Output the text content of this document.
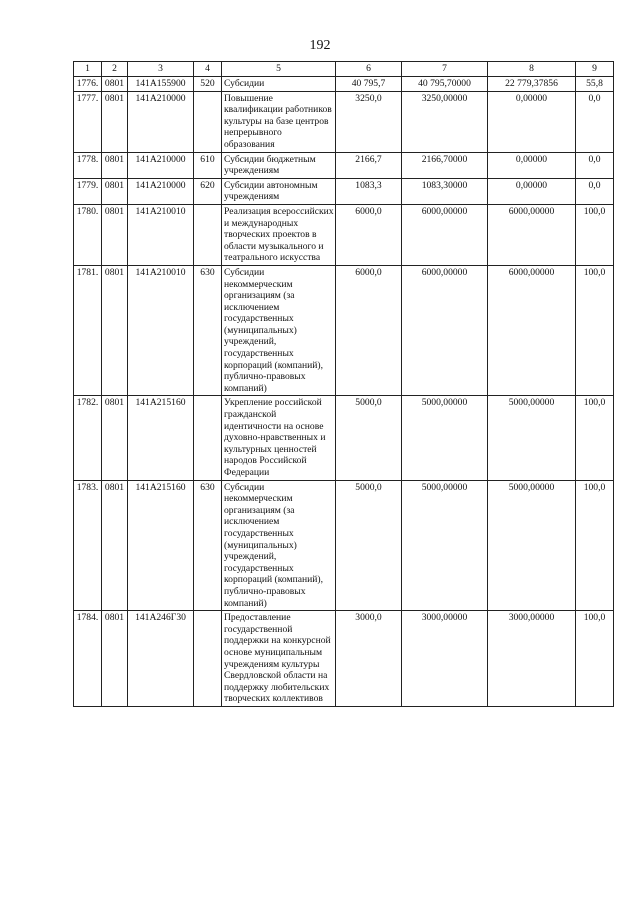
192
1	2	3	4	5	6	7	8	9
1776.	0801	141A155900	520	Субсидии	40 795,7	40 795,70000	22 779,37856	55,8
1777.	0801	141A210000		Повышение квалификации работников культуры на базе центров непрерывного образования	3250,0	3250,00000	0,00000	0,0
1778.	0801	141A210000	610	Субсидии бюджетным учреждениям	2166,7	2166,70000	0,00000	0,0
1779.	0801	141A210000	620	Субсидии автономным учреждениям	1083,3	1083,30000	0,00000	0,0
1780.	0801	141A210010		Реализация всероссийских и международных творческих проектов в области музыкального и театрального искусства	6000,0	6000,00000	6000,00000	100,0
1781.	0801	141A210010	630	Субсидии некоммерческим организациям (за исключением государственных (муниципальных) учреждений, государственных корпораций (компаний), публично-правовых компаний)	6000,0	6000,00000	6000,00000	100,0
1782.	0801	141A215160		Укрепление российской гражданской идентичности на основе духовно-нравственных и культурных ценностей народов Российской Федерации	5000,0	5000,00000	5000,00000	100,0
1783.	0801	141A215160	630	Субсидии некоммерческим организациям (за исключением государственных (муниципальных) учреждений, государственных корпораций (компаний), публично-правовых компаний)	5000,0	5000,00000	5000,00000	100,0
1784.	0801	141A246Г30		Предоставление государственной поддержки на конкурсной основе муниципальным учреждениям культуры Свердловской области на поддержку любительских творческих коллективов	3000,0	3000,00000	3000,00000	100,0
